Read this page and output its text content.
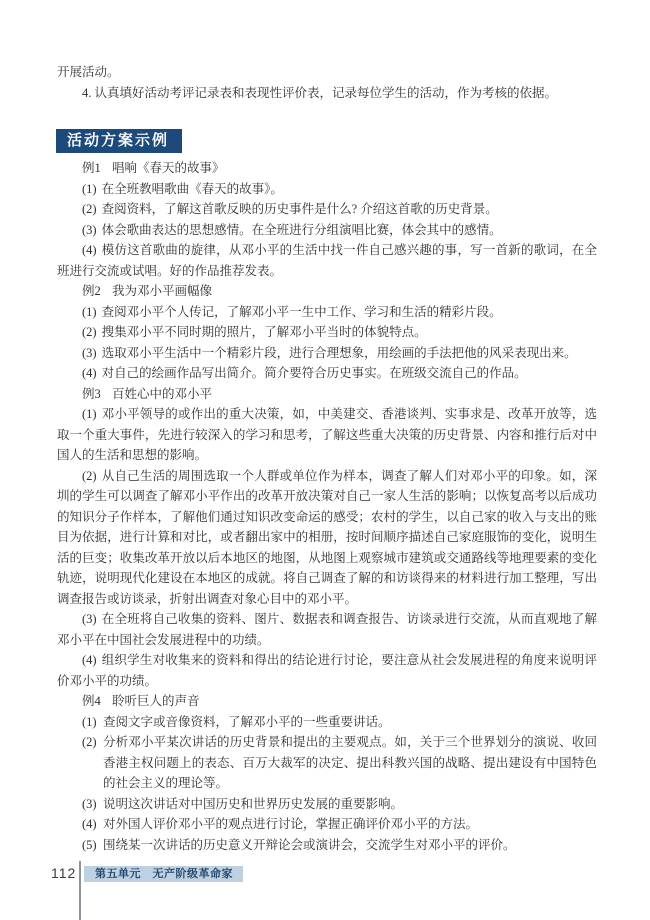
开展活动。

4. 认真填好活动考评记录表和表现性评价表，记录每位学生的活动，作为考核的依据。

活动方案示例

例1 唱响《春天的故事》

(1) 在全班教唱歌曲《春天的故事》。

(2) 查阅资料，了解这首歌反映的历史事件是什么? 介绍这首歌的历史背景。

(3) 体会歌曲表达的思想感情。在全班进行分组演唱比赛，体会其中的感情。

(4) 模仿这首歌曲的旋律，从邓小平的生活中找一件自己感兴趣的事，写一首新的歌词，在全班进行交流或试唱。好的作品推荐发表。

例2 我为邓小平画幅像

(1) 查阅邓小平个人传记，了解邓小平一生中工作、学习和生活的精彩片段。

(2) 搜集邓小平不同时期的照片，了解邓小平当时的体貌特点。

(3) 选取邓小平生活中一个精彩片段，进行合理想象，用绘画的手法把他的风采表现出来。

(4) 对自己的绘画作品写出简介。简介要符合历史事实。在班级交流自己的作品。

例3 百姓心中的邓小平

(1) 邓小平领导的或作出的重大决策，如，中美建交、香港谈判、实事求是、改革开放等，选取一个重大事件，先进行较深入的学习和思考，了解这些重大决策的历史背景、内容和推行后对中国人的生活和思想的影响。

(2) 从自己生活的周围选取一个人群或单位作为样本，调查了解人们对邓小平的印象。如，深圳的学生可以调查了解邓小平作出的改革开放决策对自己一家人生活的影响；以恢复高考以后成功的知识分子作样本，了解他们通过知识改变命运的感受；农村的学生，以自己家的收入与支出的账目为依据，进行计算和对比，或者翻出家中的相册，按时间顺序描述自己家庭服饰的变化，说明生活的巨变；收集改革开放以后本地区的地图，从地图上观察城市建筑或交通路线等地理要素的变化轨迹，说明现代化建设在本地区的成就。将自己调查了解的和访谈得来的材料进行加工整理，写出调查报告或访谈录，折射出调查对象心目中的邓小平。

(3) 在全班将自己收集的资料、图片、数据表和调查报告、访谈录进行交流，从而直观地了解邓小平在中国社会发展进程中的功绩。

(4) 组织学生对收集来的资料和得出的结论进行讨论，要注意从社会发展进程的角度来说明评价邓小平的功绩。

例4 聆听巨人的声音

(1) 查阅文字或音像资料，了解邓小平的一些重要讲话。

(2) 分析邓小平某次讲话的历史背景和提出的主要观点。如，关于三个世界划分的演说、收回香港主权问题上的表态、百万大裁军的决定、提出科教兴国的战略、提出建设有中国特色的社会主义的理论等。

(3) 说明这次讲话对中国历史和世界历史发展的重要影响。

(4) 对外国人评价邓小平的观点进行讨论，掌握正确评价邓小平的方法。

(5) 围绕某一次讲话的历史意义开辩论会或演讲会，交流学生对邓小平的评价。

112	第五单元　无产阶级革命家
